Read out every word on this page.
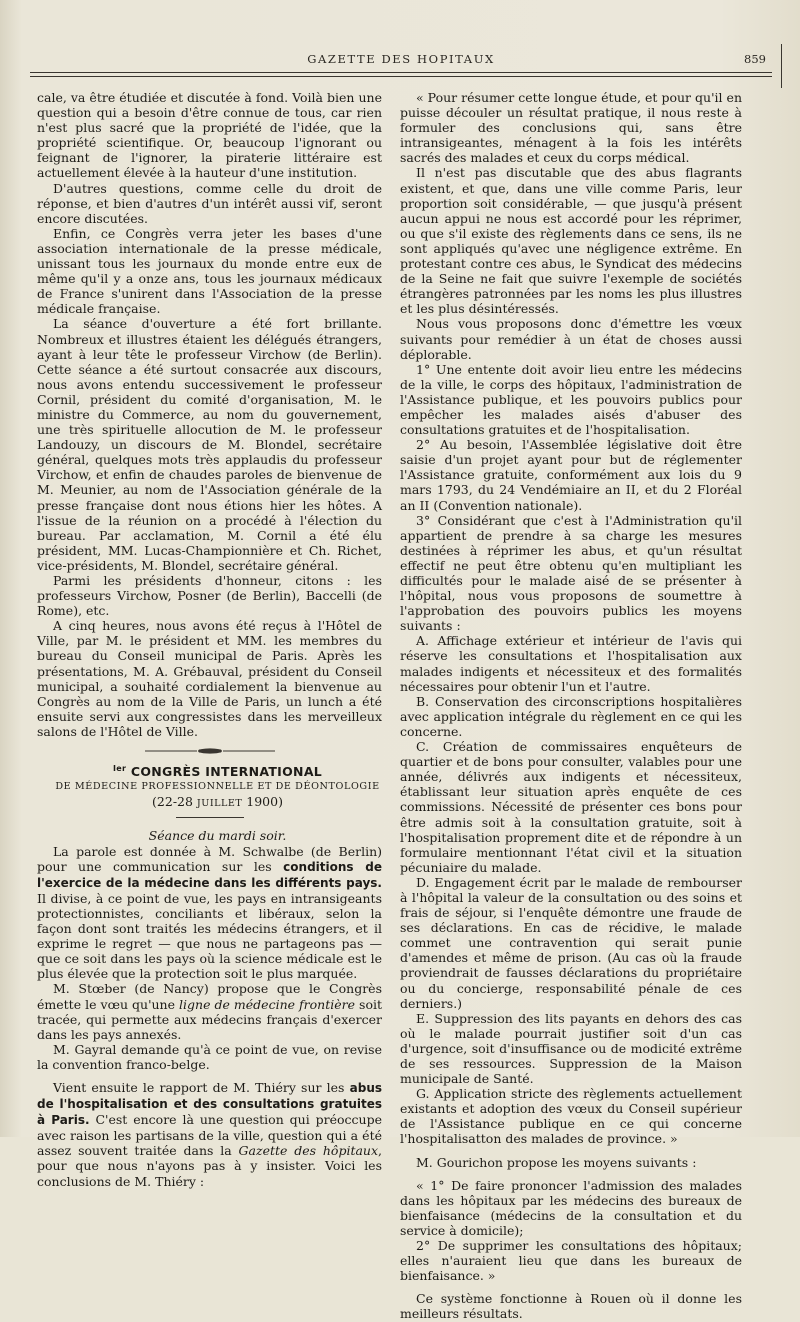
GAZETTE DES HOPITAUX	859

cale, va être étudiée et discutée à fond. Voilà bien une question qui a besoin d'être connue de tous, car rien n'est plus sacré que la propriété de l'idée, que la propriété scientifique. Or, beaucoup l'ignorant ou feignant de l'ignorer, la piraterie littéraire est actuellement élevée à la hauteur d'une institution.

D'autres questions, comme celle du droit de réponse, et bien d'autres d'un intérêt aussi vif, seront encore discutées.

Enfin, ce Congrès verra jeter les bases d'une association internationale de la presse médicale, unissant tous les journaux du monde entre eux de même qu'il y a onze ans, tous les journaux médicaux de France s'unirent dans l'Association de la presse médicale française.

La séance d'ouverture a été fort brillante. Nombreux et illustres étaient les délégués étrangers, ayant à leur tête le professeur Virchow (de Berlin). Cette séance a été surtout consacrée aux discours, nous avons entendu successivement le professeur Cornil, président du comité d'organisation, M. le ministre du Commerce, au nom du gouvernement, une très spirituelle allocution de M. le professeur Landouzy, un discours de M. Blondel, secrétaire général, quelques mots très applaudis du professeur Virchow, et enfin de chaudes paroles de bienvenue de M. Meunier, au nom de l'Association générale de la presse française dont nous étions hier les hôtes. A l'issue de la réunion on a procédé à l'élection du bureau. Par acclamation, M. Cornil a été élu président, MM. Lucas-Championnière et Ch. Richet, vice-présidents, M. Blondel, secrétaire général.

Parmi les présidents d'honneur, citons : les professeurs Virchow, Posner (de Berlin), Baccelli (de Rome), etc.

A cinq heures, nous avons été reçus à l'Hôtel de Ville, par M. le président et MM. les membres du bureau du Conseil municipal de Paris. Après les présentations, M. A. Grébauval, président du Conseil municipal, a souhaité cordialement la bienvenue au Congrès au nom de la Ville de Paris, un lunch a été ensuite servi aux congressistes dans les merveilleux salons de l'Hôtel de Ville.

$^{Ier}$ CONGRÈS INTERNATIONAL

DE MÉDECINE PROFESSIONNELLE ET DE DÉONTOLOGIE

(22-28 JUILLET 1900)

Séance du mardi soir.

La parole est donnée à M. Schwalbe (de Berlin) pour une communication sur les conditions de l'exercice de la médecine dans les différents pays. Il divise, à ce point de vue, les pays en intransigeants protectionnistes, conciliants et libéraux, selon la façon dont sont traités les médecins étrangers, et il exprime le regret — que nous ne partageons pas — que ce soit dans les pays où la science médicale est le plus élevée que la protection soit le plus marquée.

M. Stœber (de Nancy) propose que le Congrès émette le vœu qu'une ligne de médecine frontière soit tracée, qui permette aux médecins français d'exercer dans les pays annexés.

M. Gayral demande qu'à ce point de vue, on revise la convention franco-belge.

Vient ensuite le rapport de M. Thiéry sur les abus de l'hospitalisation et des consultations gratuites à Paris. C'est encore là une question qui préoccupe avec raison les partisans de la ville, question qui a été assez souvent traitée dans la Gazette des hôpitaux, pour que nous n'ayons pas à y insister. Voici les conclusions de M. Thiéry :

« Pour résumer cette longue étude, et pour qu'il en puisse découler un résultat pratique, il nous reste à formuler des conclusions qui, sans être intransigeantes, ménagent à la fois les intérêts sacrés des malades et ceux du corps médical.

Il n'est pas discutable que des abus flagrants existent, et que, dans une ville comme Paris, leur proportion soit considérable, — que jusqu'à présent aucun appui ne nous est accordé pour les réprimer, ou que s'il existe des règlements dans ce sens, ils ne sont appliqués qu'avec une négligence extrême. En protestant contre ces abus, le Syndicat des médecins de la Seine ne fait que suivre l'exemple de sociétés étrangères patronnées par les noms les plus illustres et les plus désintéressés.

Nous vous proposons donc d'émettre les vœux suivants pour remédier à un état de choses aussi déplorable.

1° Une entente doit avoir lieu entre les médecins de la ville, le corps des hôpitaux, l'administration de l'Assistance publique, et les pouvoirs publics pour empêcher les malades aisés d'abuser des consultations gratuites et de l'hospitalisation.

2° Au besoin, l'Assemblée législative doit être saisie d'un projet ayant pour but de réglementer l'Assistance gratuite, conformément aux lois du 9 mars 1793, du 24 Vendémiaire an II, et du 2 Floréal an II (Convention nationale).

3° Considérant que c'est à l'Administration qu'il appartient de prendre à sa charge les mesures destinées à réprimer les abus, et qu'un résultat effectif ne peut être obtenu qu'en multipliant les difficultés pour le malade aisé de se présenter à l'hôpital, nous vous proposons de soumettre à l'approbation des pouvoirs publics les moyens suivants :

A. Affichage extérieur et intérieur de l'avis qui réserve les consultations et l'hospitalisation aux malades indigents et nécessiteux et des formalités nécessaires pour obtenir l'un et l'autre.

B. Conservation des circonscriptions hospitalières avec application intégrale du règlement en ce qui les concerne.

C. Création de commissaires enquêteurs de quartier et de bons pour consulter, valables pour une année, délivrés aux indigents et nécessiteux, établissant leur situation après enquête de ces commissions. Nécessité de présenter ces bons pour être admis soit à la consultation gratuite, soit à l'hospitalisation proprement dite et de répondre à un formulaire mentionnant l'état civil et la situation pécuniaire du malade.

D. Engagement écrit par le malade de rembourser à l'hôpital la valeur de la consultation ou des soins et frais de séjour, si l'enquête démontre une fraude de ses déclarations. En cas de récidive, le malade commet une contravention qui serait punie d'amendes et même de prison. (Au cas où la fraude proviendrait de fausses déclarations du propriétaire ou du concierge, responsabilité pénale de ces derniers.)

E. Suppression des lits payants en dehors des cas où le malade pourrait justifier soit d'un cas d'urgence, soit d'insuffisance ou de modicité extrême de ses ressources. Suppression de la Maison municipale de Santé.

G. Application stricte des règlements actuellement existants et adoption des vœux du Conseil supérieur de l'Assistance publique en ce qui concerne l'hospitalisatton des malades de province. »

M. Gourichon propose les moyens suivants :

« 1° De faire prononcer l'admission des malades dans les hôpitaux par les médecins des bureaux de bienfaisance (médecins de la consultation et du service à domicile);

2° De supprimer les consultations des hôpitaux; elles n'auraient lieu que dans les bureaux de bienfaisance. »

Ce système fonctionne à Rouen où il donne les meilleurs résultats.
